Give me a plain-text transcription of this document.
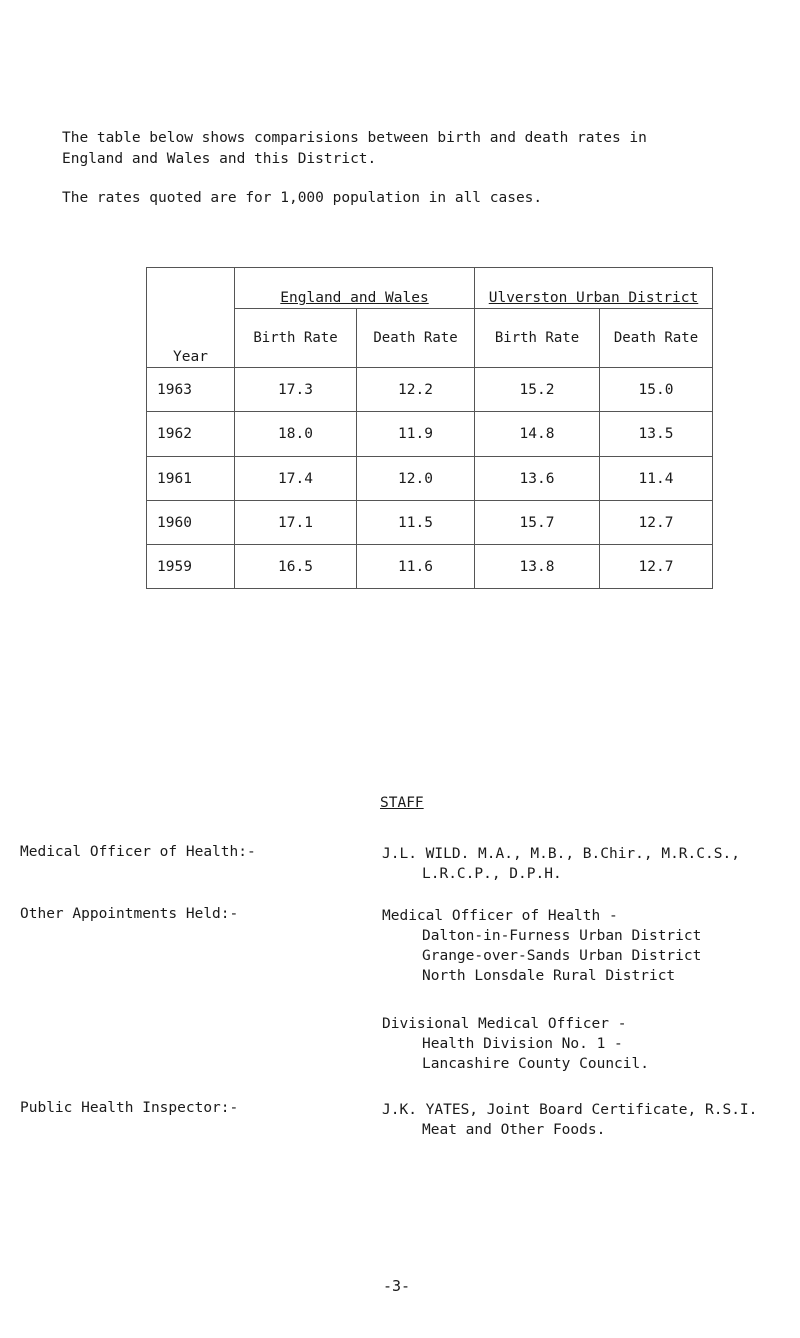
The table below shows comparisions between birth and death rates in

England and Wales and this District.

The rates quoted are for 1,000 population in all cases.

Year	England and Wales		Ulverston Urban District	
	Birth Rate	Death Rate	Birth Rate	Death Rate
1963	17.3	12.2	15.2	15.0
1962	18.0	11.9	14.8	13.5
1961	17.4	12.0	13.6	11.4
1960	17.1	11.5	15.7	12.7
1959	16.5	11.6	13.8	12.7
STAFF
Medical Officer of Health:-	J.L. WILD. M.A., M.B., B.Chir., M.R.C.S.,
L.R.C.P., D.P.H.
Other Appointments Held:-	Medical Officer of Health -
Dalton-in-Furness Urban District
Grange-over-Sands Urban District
North Lonsdale Rural District
Divisional Medical Officer -
Health Division No. 1 -
Lancashire County Council.
Public Health Inspector:-	J.K. YATES, Joint Board Certificate, R.S.I.
Meat and Other Foods.
-3-
